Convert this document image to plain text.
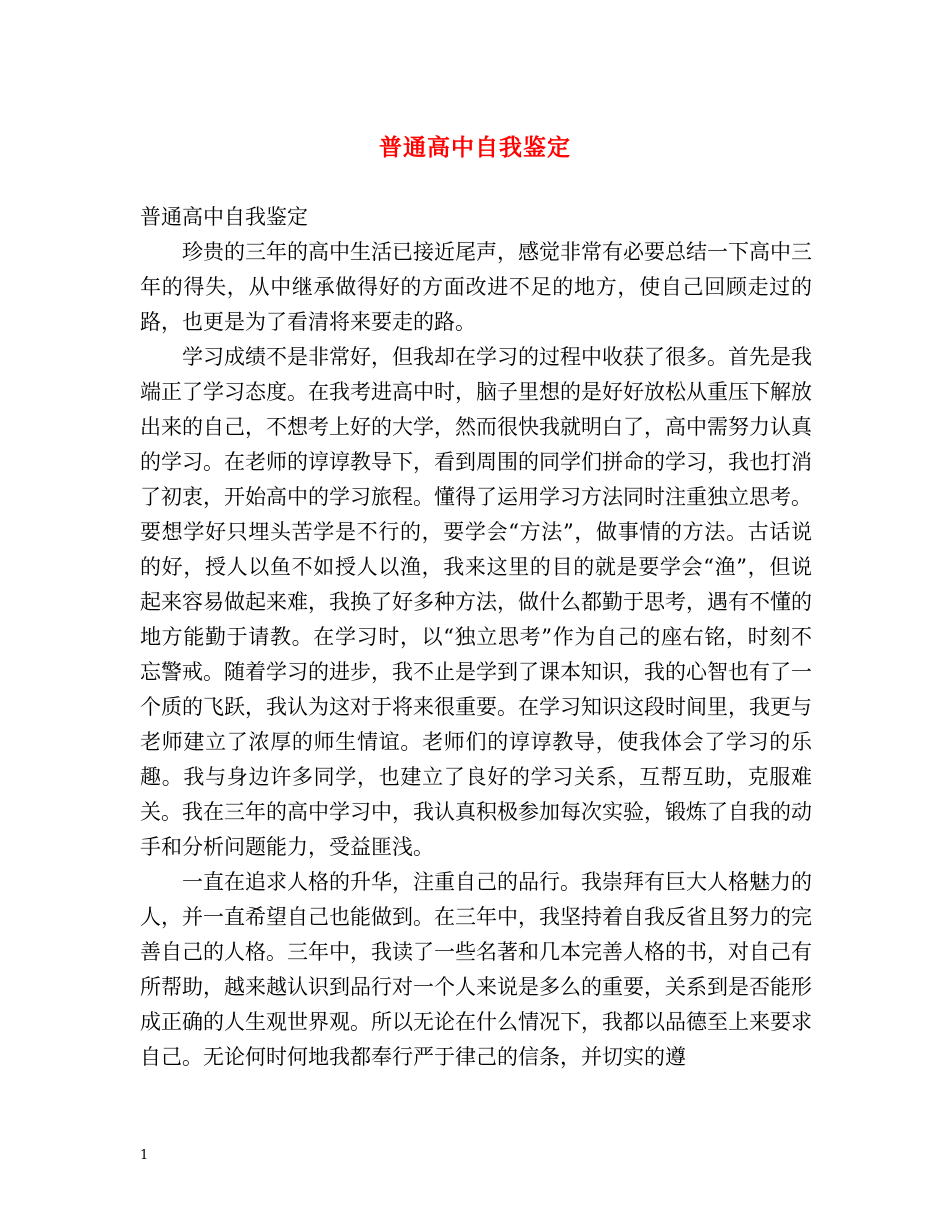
普通高中自我鉴定

普通高中自我鉴定

珍贵的三年的高中生活已接近尾声，感觉非常有必要总结一下高中三年的得失，从中继承做得好的方面改进不足的地方，使自己回顾走过的路，也更是为了看清将来要走的路。

学习成绩不是非常好，但我却在学习的过程中收获了很多。首先是我端正了学习态度。在我考进高中时，脑子里想的是好好放松从重压下解放出来的自己，不想考上好的大学，然而很快我就明白了，高中需努力认真的学习。在老师的谆谆教导下，看到周围的同学们拼命的学习，我也打消了初衷，开始高中的学习旅程。懂得了运用学习方法同时注重独立思考。要想学好只埋头苦学是不行的，要学会“方法”，做事情的方法。古话说的好，授人以鱼不如授人以渔，我来这里的目的就是要学会“渔”，但说起来容易做起来难，我换了好多种方法，做什么都勤于思考，遇有不懂的地方能勤于请教。在学习时，以“独立思考”作为自己的座右铭，时刻不忘警戒。随着学习的进步，我不止是学到了课本知识，我的心智也有了一个质的飞跃，我认为这对于将来很重要。在学习知识这段时间里，我更与老师建立了浓厚的师生情谊。老师们的谆谆教导，使我体会了学习的乐趣。我与身边许多同学，也建立了良好的学习关系，互帮互助，克服难关。我在三年的高中学习中，我认真积极参加每次实验，锻炼了自我的动手和分析问题能力，受益匪浅。

一直在追求人格的升华，注重自己的品行。我崇拜有巨大人格魅力的人，并一直希望自己也能做到。在三年中，我坚持着自我反省且努力的完善自己的人格。三年中，我读了一些名著和几本完善人格的书，对自己有所帮助，越来越认识到品行对一个人来说是多么的重要，关系到是否能形成正确的人生观世界观。所以无论在什么情况下，我都以品德至上来要求自己。无论何时何地我都奉行严于律己的信条，并切实的遵

1
